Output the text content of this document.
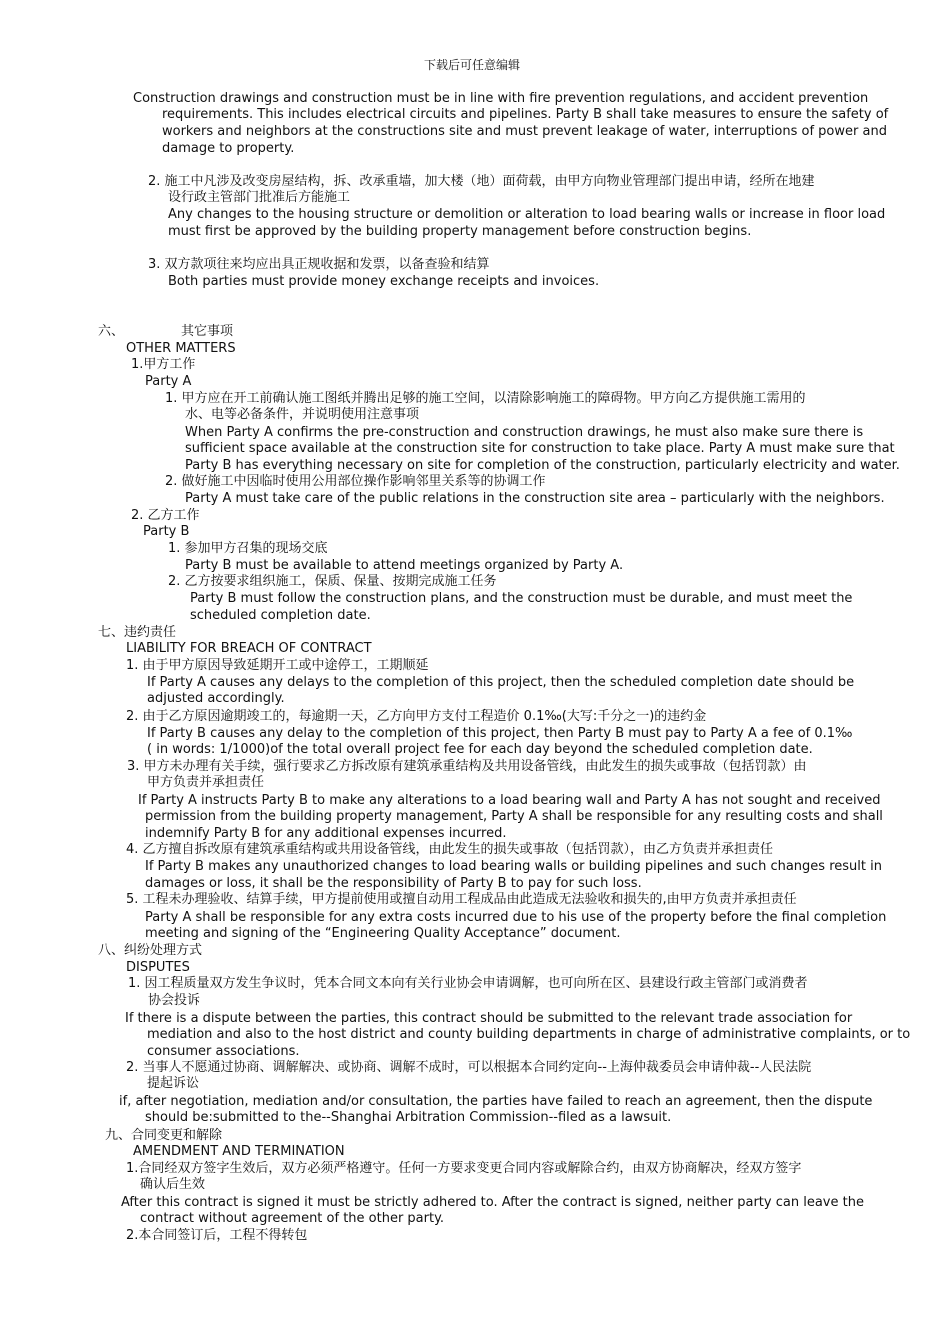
下载后可任意编辑
Construction drawings and construction must be in line with fire prevention regulations, and accident prevention
requirements. This includes electrical circuits and pipelines. Party B shall take measures to ensure the safety of
workers and neighbors at the constructions site and must prevent leakage of water, interruptions of power and
damage to property.
2. 施工中凡涉及改变房屋结构，拆、改承重墙，加大楼（地）面荷载，由甲方向物业管理部门提出申请，经所在地建
设行政主管部门批准后方能施工
Any changes to the housing structure or demolition or alteration to load bearing walls or increase in floor load
must first be approved by the building property management before construction begins.
3. 双方款项往来均应出具正规收据和发票，以备查验和结算
Both parties must provide money exchange receipts and invoices.
六、	其它事项
OTHER MATTERS
1.甲方工作
Party A
1. 甲方应在开工前确认施工图纸并腾出足够的施工空间，以清除影响施工的障碍物。甲方向乙方提供施工需用的
水、电等必备条件，并说明使用注意事项
When Party A confirms the pre-construction and construction drawings, he must also make sure there is
sufficient space available at the construction site for construction to take place. Party A must make sure that
Party B has everything necessary on site for completion of the construction, particularly electricity and water.
2. 做好施工中因临时使用公用部位操作影响邻里关系等的协调工作
Party A must take care of the public relations in the construction site area – particularly with the neighbors.
2. 乙方工作
Party B
1. 参加甲方召集的现场交底
Party B must be available to attend meetings organized by Party A.
2. 乙方按要求组织施工，保质、保量、按期完成施工任务
Party B must follow the construction plans, and the construction must be durable, and must meet the
scheduled completion date.
七、违约责任
LIABILITY FOR BREACH OF CONTRACT
1. 由于甲方原因导致延期开工或中途停工，工期顺延
If Party A causes any delays to the completion of this project, then the scheduled completion date should be
adjusted accordingly.
2. 由于乙方原因逾期竣工的，每逾期一天，乙方向甲方支付工程造价 0.1‰(大写:千分之一)的违约金
If Party B causes any delay to the completion of this project, then Party B must pay to Party A a fee of 0.1‰
( in words: 1/1000)of the total overall project fee for each day beyond the scheduled completion date.
3. 甲方未办理有关手续，强行要求乙方拆改原有建筑承重结构及共用设备管线，由此发生的损失或事故（包括罚款）由
甲方负责并承担责任
If Party A instructs Party B to make any alterations to a load bearing wall and Party A has not sought and received
permission from the building property management, Party A shall be responsible for any resulting costs and shall
indemnify Party B for any additional expenses incurred.
4. 乙方擅自拆改原有建筑承重结构或共用设备管线，由此发生的损失或事故（包括罚款），由乙方负责并承担责任
If Party B makes any unauthorized changes to load bearing walls or building pipelines and such changes result in
damages or loss, it shall be the responsibility of Party B to pay for such loss.
5. 工程未办理验收、结算手续，甲方提前使用或擅自动用工程成品由此造成无法验收和损失的,由甲方负责并承担责任
Party A shall be responsible for any extra costs incurred due to his use of the property before the final completion
meeting and signing of the “Engineering Quality Acceptance” document.
八、纠纷处理方式
DISPUTES
1. 因工程质量双方发生争议时，凭本合同文本向有关行业协会申请调解，也可向所在区、县建设行政主管部门或消费者
协会投诉
If there is a dispute between the parties, this contract should be submitted to the relevant trade association for
mediation and also to the host district and county building departments in charge of administrative complaints, or to
consumer associations.
2. 当事人不愿通过协商、调解解决、或协商、调解不成时，可以根据本合同约定向--上海仲裁委员会申请仲裁--人民法院
提起诉讼
if, after negotiation, mediation and/or consultation, the parties have failed to reach an agreement, then the dispute
should be:submitted to the--Shanghai Arbitration Commission--filed as a lawsuit.
九、合同变更和解除
AMENDMENT AND TERMINATION
1.合同经双方签字生效后，双方必须严格遵守。任何一方要求变更合同内容或解除合约，由双方协商解决，经双方签字
确认后生效
After this contract is signed it must be strictly adhered to. After the contract is signed, neither party can leave the
contract without agreement of the other party.
2.本合同签订后，工程不得转包
